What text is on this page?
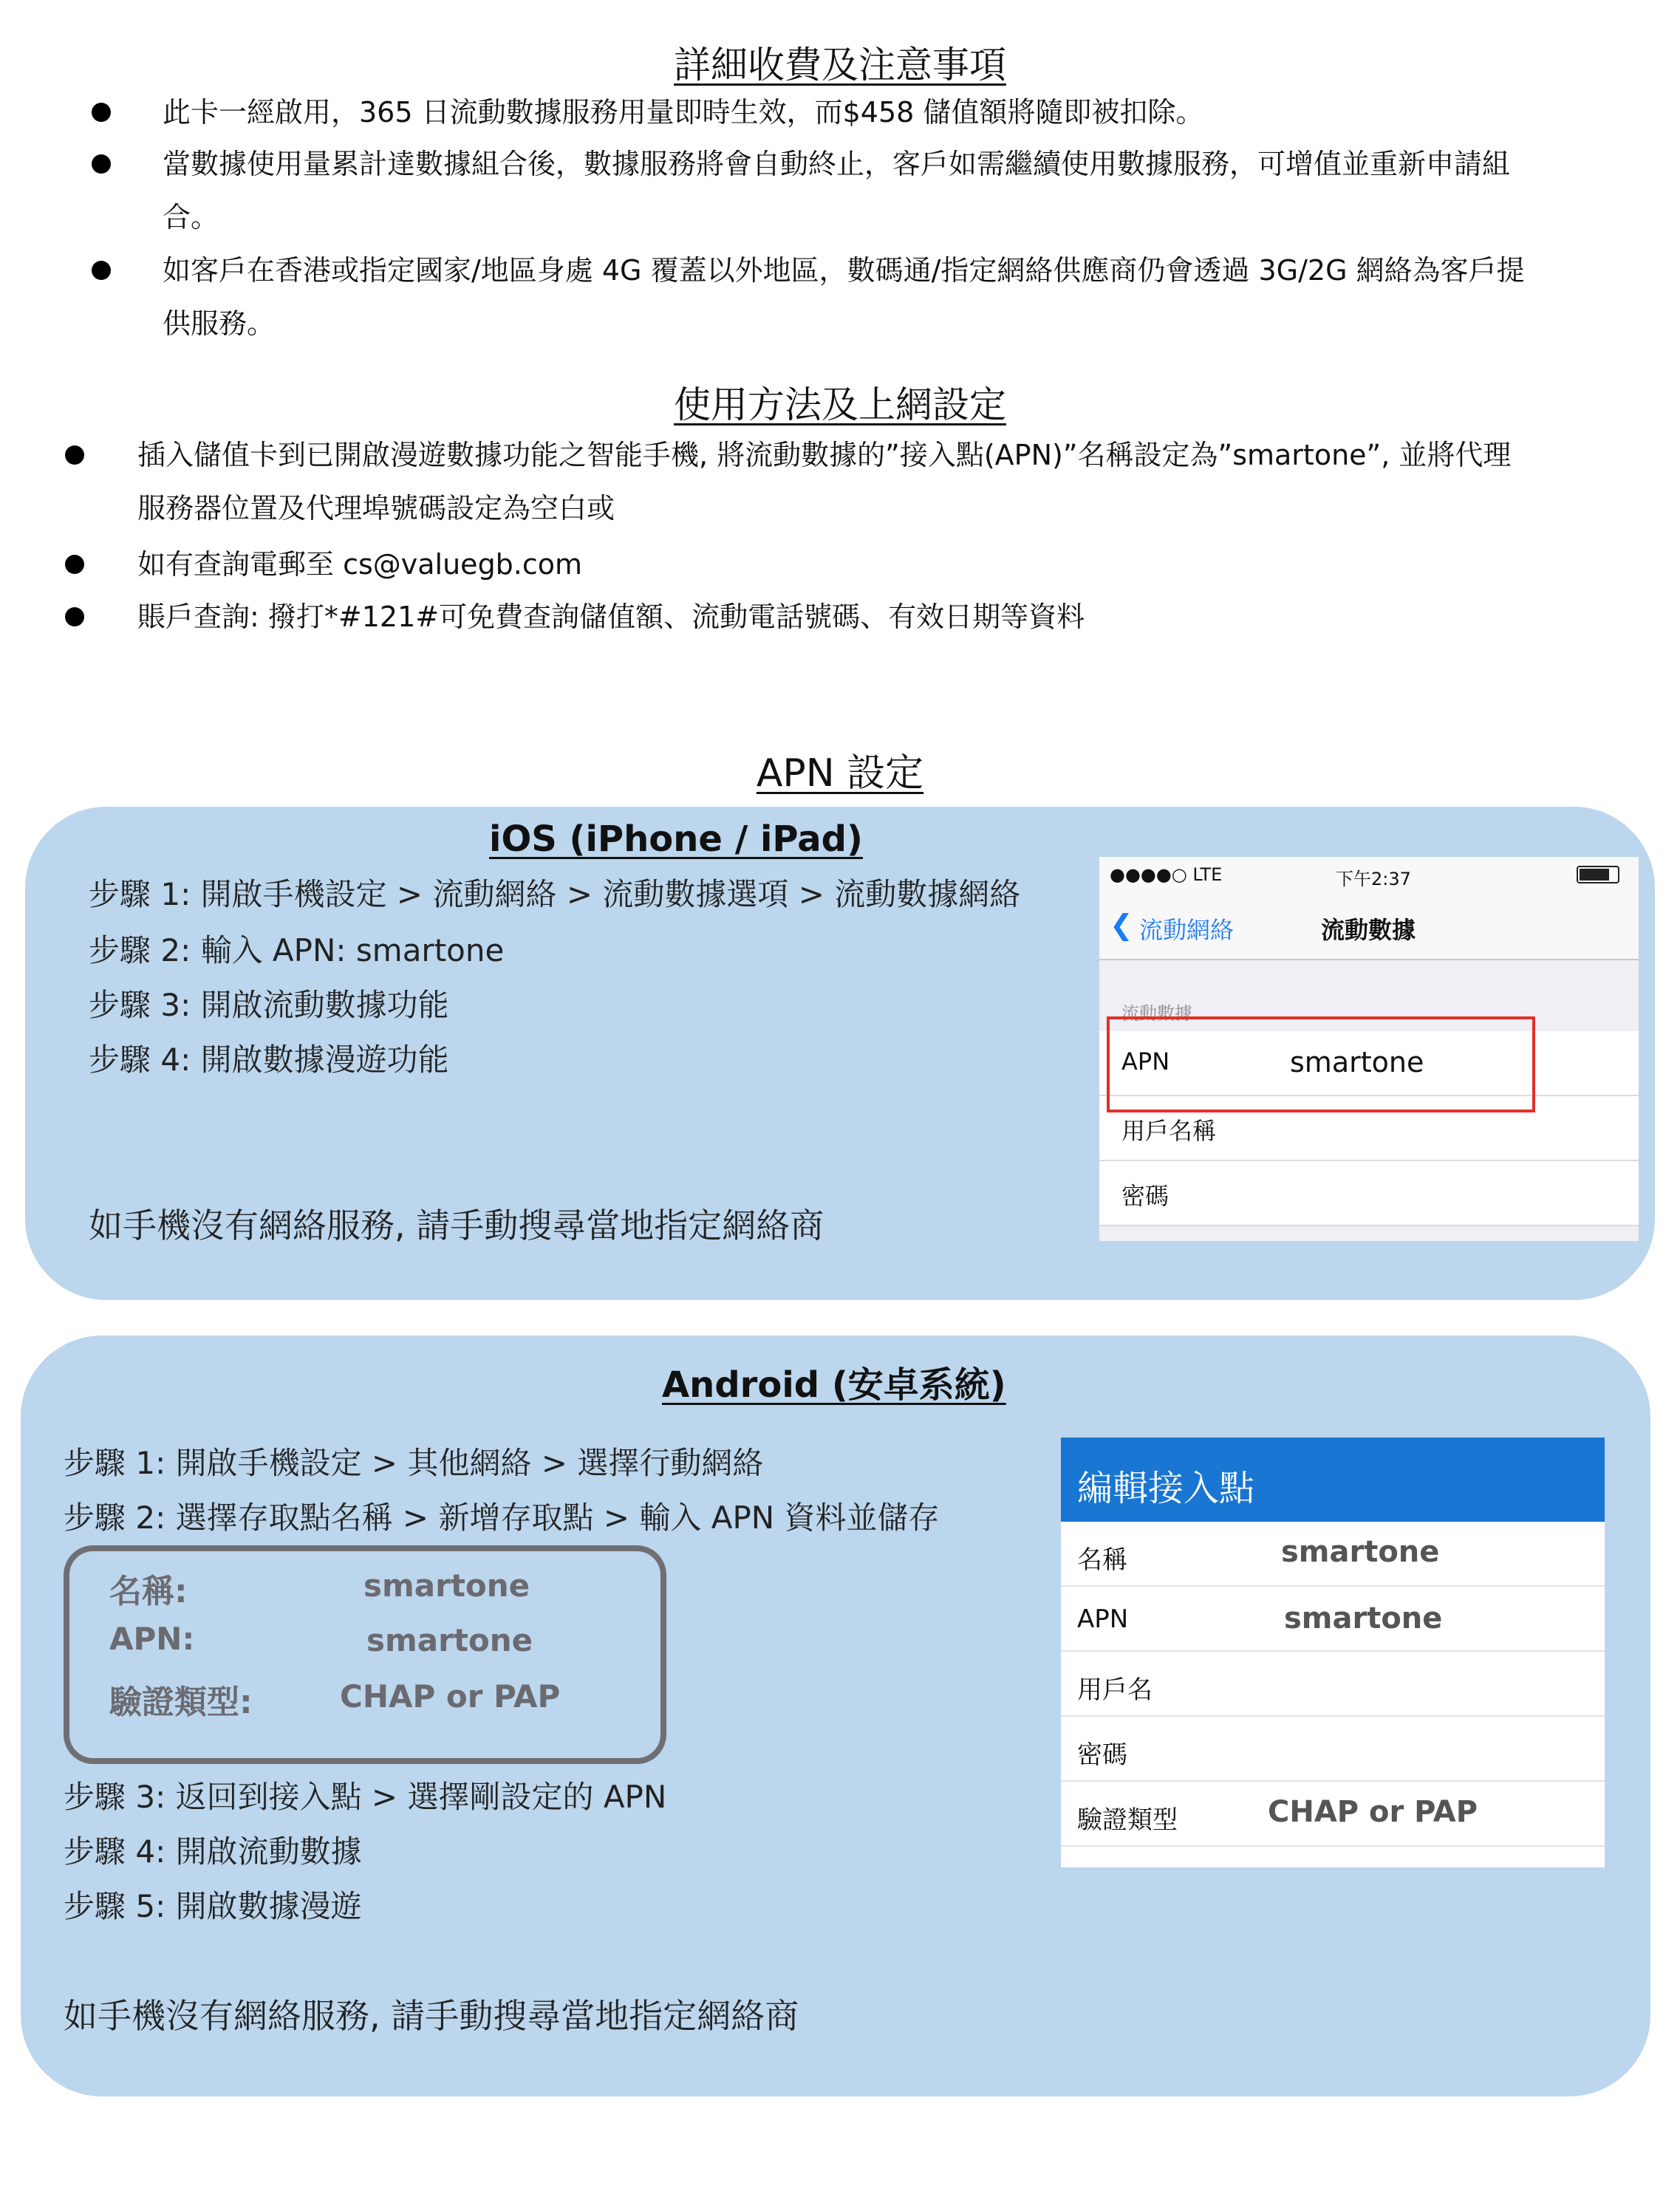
詳細收費及注意事項
此卡一經啟用，365 日流動數據服務用量即時生效，而$458 儲值額將隨即被扣除。
當數據使用量累計達數據組合後，數據服務將會自動終止，客戶如需繼續使用數據服務，可增值並重新申請組
合。
如客戶在香港或指定國家/地區身處 4G 覆蓋以外地區，數碼通/指定網絡供應商仍會透過 3G/2G 網絡為客戶提
供服務。
使用方法及上網設定
插入儲值卡到已開啟漫遊數據功能之智能手機, 將流動數據的”接入點(APN)”名稱設定為”smartone”, 並將代理
服務器位置及代理埠號碼設定為空白或
如有查詢電郵至 cs@valuegb.com
賬戶查詢: 撥打*#121#可免費查詢儲值額、流動電話號碼、有效日期等資料
APN 設定
iOS (iPhone / iPad)
步驟 1: 開啟手機設定 > 流動網絡 > 流動數據選項 > 流動數據網絡
步驟 2: 輸入 APN: smartone
步驟 3: 開啟流動數據功能
步驟 4: 開啟數據漫遊功能
如手機沒有網絡服務, 請手動搜尋當地指定網絡商
●●●●○ LTE	下午2:37
❮ 流動網絡	流動數據
流動數據
APN	smartone
用戶名稱
密碼
Android (安卓系統)
步驟 1: 開啟手機設定 > 其他網絡 > 選擇行動網絡
步驟 2: 選擇存取點名稱 > 新增存取點 > 輸入 APN 資料並儲存
名稱:	smartone
APN:	smartone
驗證類型:	CHAP or PAP
步驟 3: 返回到接入點 > 選擇剛設定的 APN
步驟 4: 開啟流動數據
步驟 5: 開啟數據漫遊
如手機沒有網絡服務, 請手動搜尋當地指定網絡商
編輯接入點
名稱	smartone
APN	smartone
用戶名
密碼
驗證類型	CHAP or PAP
